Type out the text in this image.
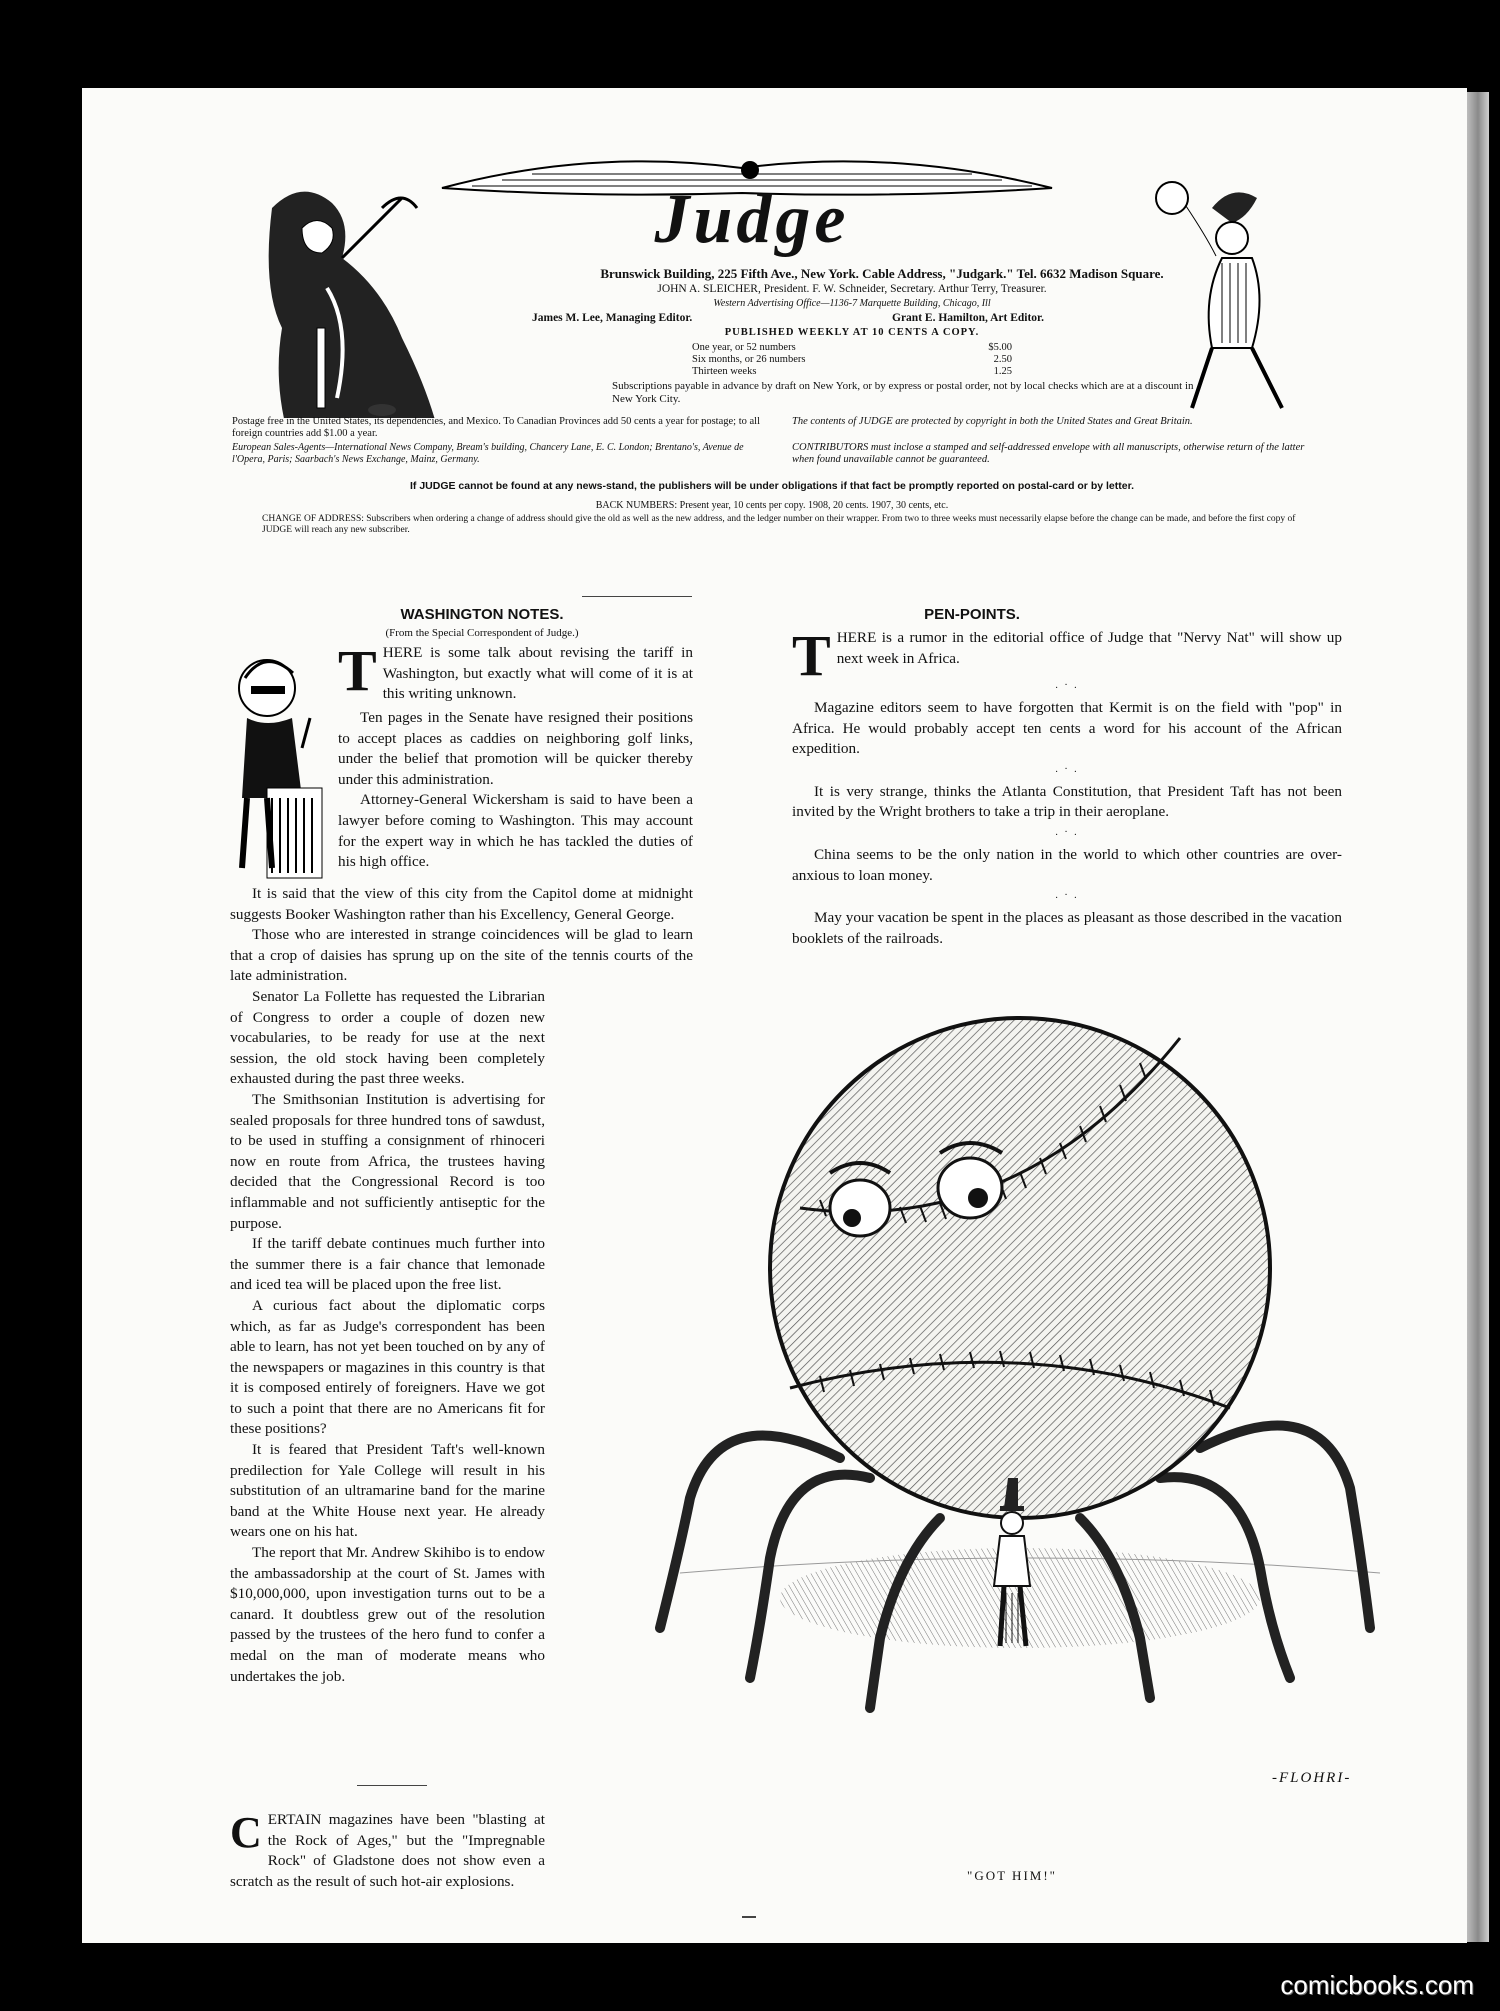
Judge
Brunswick Building, 225 Fifth Ave., New York. Cable Address, "Judgark." Tel. 6632 Madison Square.
JOHN A. SLEICHER, President. F. W. Schneider, Secretary. Arthur Terry, Treasurer.
Western Advertising Office—1136-7 Marquette Building, Chicago, Ill
James M. Lee, Managing Editor.	Grant E. Hamilton, Art Editor.
PUBLISHED WEEKLY AT 10 CENTS A COPY.
One year, or 52 numbers	$5.00
Six months, or 26 numbers	2.50
Thirteen weeks	1.25
Subscriptions payable in advance by draft on New York, or by express or postal order, not by local checks which are at a discount in New York City.
Postage free in the United States, its dependencies, and Mexico. To Canadian Provinces add 50 cents a year for postage; to all foreign countries add $1.00 a year.
European Sales-Agents—International News Company, Bream's building, Chancery Lane, E. C. London; Brentano's, Avenue de l'Opera, Paris; Saarbach's News Exchange, Mainz, Germany.
The contents of JUDGE are protected by copyright in both the United States and Great Britain.
CONTRIBUTORS must inclose a stamped and self-addressed envelope with all manuscripts, otherwise return of the latter when found unavailable cannot be guaranteed.
If JUDGE cannot be found at any news-stand, the publishers will be under obligations if that fact be promptly reported on postal-card or by letter.
BACK NUMBERS: Present year, 10 cents per copy. 1908, 20 cents. 1907, 30 cents, etc.
CHANGE OF ADDRESS: Subscribers when ordering a change of address should give the old as well as the new address, and the ledger number on their wrapper. From two to three weeks must necessarily elapse before the change can be made, and before the first copy of JUDGE will reach any new subscriber.
WASHINGTON NOTES.
(From the Special Correspondent of Judge.)
T HERE is some talk about revising the tariff in Washington, but exactly what will come of it is at this writing unknown.

Ten pages in the Senate have resigned their positions to accept places as caddies on neighboring golf links, under the belief that promotion will be quicker thereby under this administration.

Attorney-General Wickersham is said to have been a lawyer before coming to Washington. This may account for the expert way in which he has tackled the duties of his high office.

It is said that the view of this city from the Capitol dome at midnight suggests Booker Washington rather than his Excellency, General George.

Those who are interested in strange coincidences will be glad to learn that a crop of daisies has sprung up on the site of the tennis courts of the late administration.

Senator La Follette has requested the Librarian of Congress to order a couple of dozen new vocabularies, to be ready for use at the next session, the old stock having been completely exhausted during the past three weeks.

The Smithsonian Institution is advertising for sealed proposals for three hundred tons of sawdust, to be used in stuffing a consignment of rhinoceri now en route from Africa, the trustees having decided that the Congressional Record is too inflammable and not sufficiently antiseptic for the purpose.

If the tariff debate continues much further into the summer there is a fair chance that lemonade and iced tea will be placed upon the free list.

A curious fact about the diplomatic corps which, as far as Judge's correspondent has been able to learn, has not yet been touched on by any of the newspapers or magazines in this country is that it is composed entirely of foreigners. Have we got to such a point that there are no Americans fit for these positions?

It is feared that President Taft's well-known predilection for Yale College will result in his substitution of an ultramarine band for the marine band at the White House next year. He already wears one on his hat.

The report that Mr. Andrew Skihibo is to endow the ambassadorship at the court of St. James with $10,000,000, upon investigation turns out to be a canard. It doubtless grew out of the resolution passed by the trustees of the hero fund to confer a medal on the man of moderate means who undertakes the job.

C ERTAIN magazines have been "blasting at the Rock of Ages," but the "Impregnable Rock" of Gladstone does not show even a scratch as the result of such hot-air explosions.
PEN-POINTS.
T HERE is a rumor in the editorial office of Judge that "Nervy Nat" will show up next week in Africa.
. · .

Magazine editors seem to have forgotten that Kermit is on the field with "pop" in Africa. He would probably accept ten cents a word for his account of the African expedition.

. · .

It is very strange, thinks the Atlanta Constitution, that President Taft has not been invited by the Wright brothers to take a trip in their aeroplane.

. · .

China seems to be the only nation in the world to which other countries are over-anxious to loan money.

. · .

May your vacation be spent in the places as pleasant as those described in the vacation booklets of the railroads.

-FLOHRI-
"GOT HIM!"
comicbooks.com
